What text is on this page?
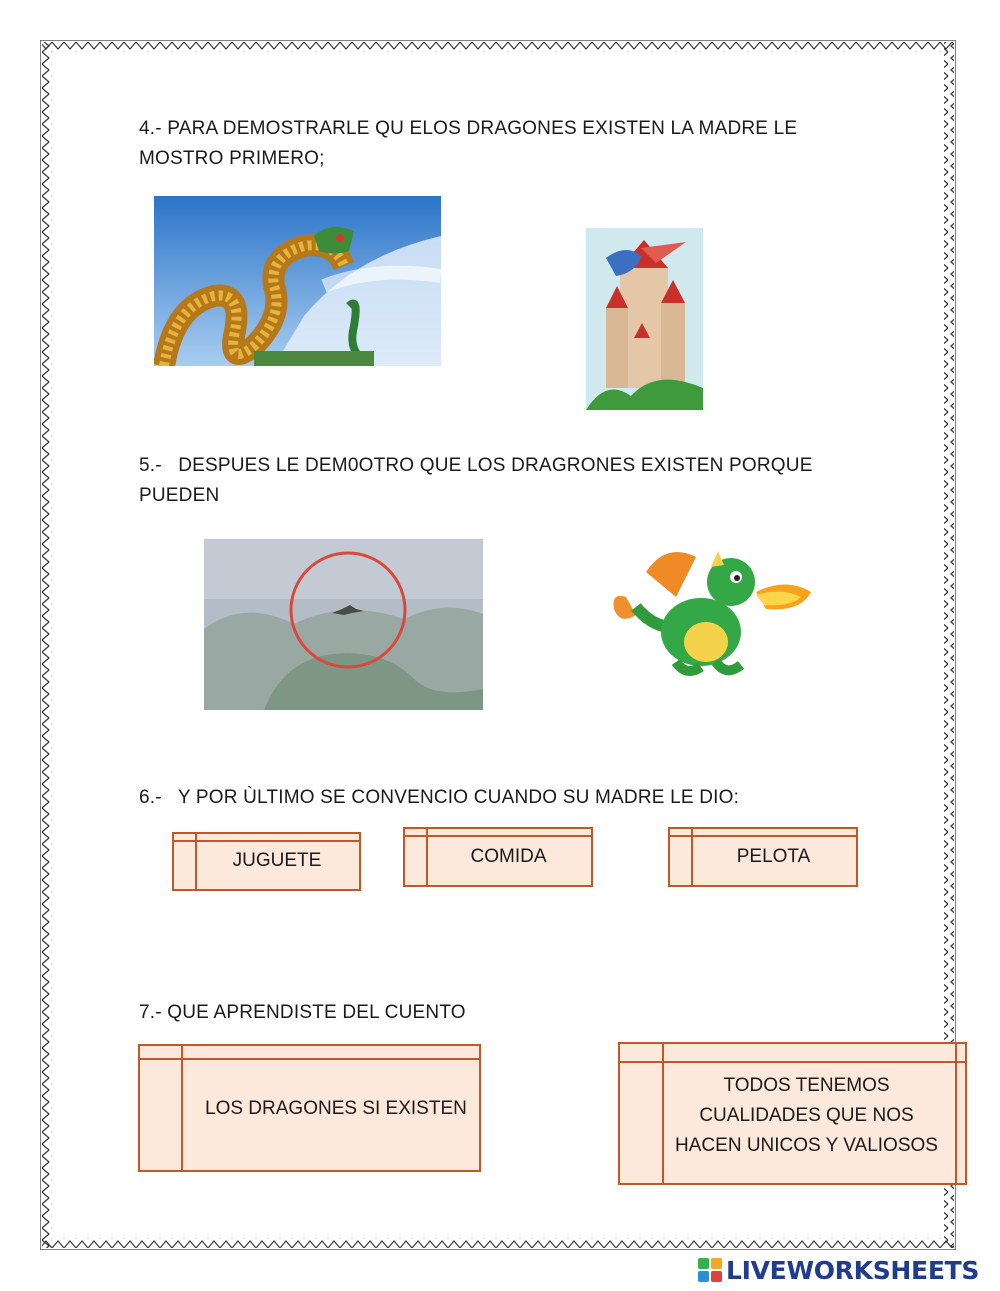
4.- PARA DEMOSTRARLE QU ELOS DRAGONES EXISTEN LA MADRE LE
MOSTRO PRIMERO;
5.-   DESPUES LE DEM0OTRO QUE LOS DRAGRONES EXISTEN PORQUE
PUEDEN
6.-   Y POR ÙLTIMO SE CONVENCIO CUANDO SU MADRE LE DIO:
JUGUETE	COMIDA	PELOTA
7.- QUE APRENDISTE DEL CUENTO
LOS DRAGONES SI EXISTEN
TODOS TENEMOS
CUALIDADES QUE NOS
HACEN UNICOS Y VALIOSOS
LIVEWORKSHEETS
